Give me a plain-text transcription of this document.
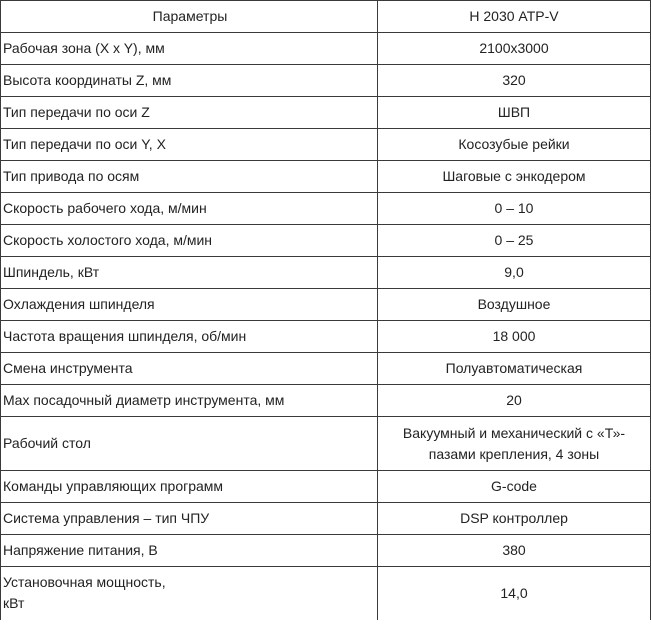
Параметры	Н 2030 ATP-V
Рабочая зона (X x Y), мм	2100x3000
Высота координаты Z, мм	320
Тип передачи по оси Z	ШВП
Тип передачи по оси Y, X	Косозубые рейки
Тип привода по осям	Шаговые с энкодером
Скорость рабочего хода, м/мин	0 – 10
Скорость холостого хода, м/мин	0 – 25
Шпиндель, кВт	9,0
Охлаждения шпинделя	Воздушное
Частота вращения шпинделя, об/мин	18 000
Смена инструмента	Полуавтоматическая
Max посадочный диаметр инструмента, мм	20
Рабочий стол	Вакуумный и механический с «Т»-
пазами крепления, 4 зоны

Команды управляющих программ	G-code
Система управления – тип ЧПУ	DSP контроллер
Напряжение питания, В	380

Установочная мощность,
кВт	14,0
